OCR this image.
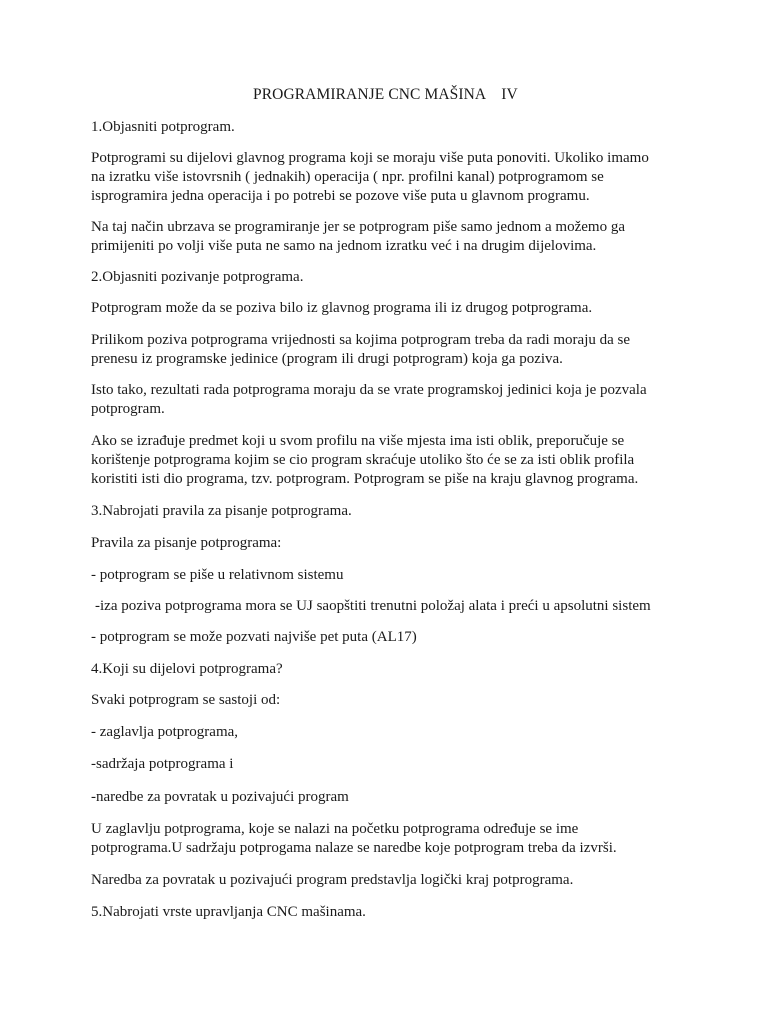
PROGRAMIRANJE CNC MAŠINA    IV
1.Objasniti potprogram.
Potprogrami su dijelovi glavnog programa koji se moraju više puta ponoviti. Ukoliko imamo
na izratku više istovrsnih ( jednakih) operacija ( npr. profilni kanal) potprogramom se
isprogramira jedna operacija i po potrebi se pozove više puta u glavnom programu.
Na taj način ubrzava se programiranje jer se potprogram piše samo jednom a možemo ga
primijeniti po volji više puta ne samo na jednom izratku već i na drugim dijelovima.
2.Objasniti pozivanje potprograma.
Potprogram može da se poziva bilo iz glavnog programa ili iz drugog potprograma.
Prilikom poziva potprograma vrijednosti sa kojima potprogram treba da radi moraju da se
prenesu iz programske jedinice (program ili drugi potprogram) koja ga poziva.
Isto tako, rezultati rada potprograma moraju da se vrate programskoj jedinici koja je pozvala
potprogram.
Ako se izrađuje predmet koji u svom profilu na više mjesta ima isti oblik, preporučuje se
korištenje potprograma kojim se cio program skraćuje utoliko što će se za isti oblik profila
koristiti isti dio programa, tzv. potprogram. Potprogram se piše na kraju glavnog programa.
3.Nabrojati pravila za pisanje potprograma.
Pravila za pisanje potprograma:
- potprogram se piše u relativnom sistemu
-iza poziva potprograma mora se UJ saopštiti trenutni položaj alata i preći u apsolutni sistem
- potprogram se može pozvati najviše pet puta (AL17)
4.Koji su dijelovi potprograma?
Svaki potprogram se sastoji od:
- zaglavlja potprograma,
-sadržaja potprograma i
-naredbe za povratak u pozivajući program
U zaglavlju potprograma, koje se nalazi na početku potprograma određuje se ime
potprograma.U sadržaju potprogama nalaze se naredbe koje potprogram treba da izvrši.
Naredba za povratak u pozivajući program predstavlja logički kraj potprograma.
5.Nabrojati vrste upravljanja CNC mašinama.
